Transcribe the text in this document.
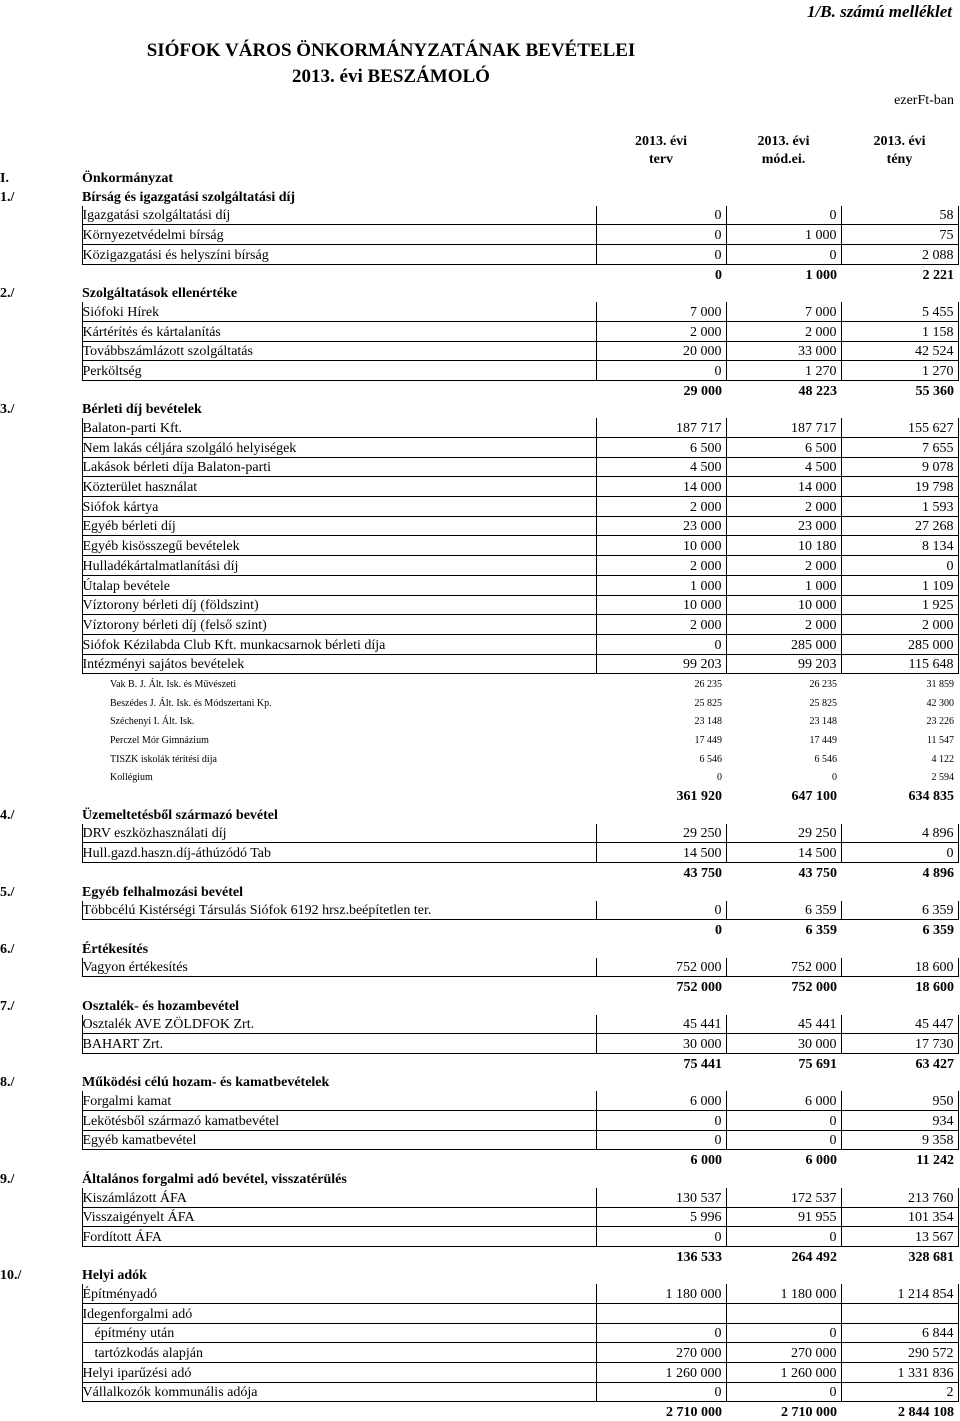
1/B. számú melléklet
SIÓFOK VÁROS ÖNKORMÁNYZATÁNAK BEVÉTELEI
2013. évi BESZÁMOLÓ
ezerFt-ban
		2013. évi	2013. évi	2013. évi
		terv	mód.ei.	tény
I.	Önkormányzat			
1./	Bírság és igazgatási szolgáltatási díj			
	Igazgatási szolgáltatási díj	0	0	58
	Környezetvédelmi bírság	0	1 000	75
	Közigazgatási és helyszíni bírság	0	0	2 088
		0	1 000	2 221
2./	Szolgáltatások ellenértéke			
	Siófoki Hírek	7 000	7 000	5 455
	Kártérítés és kártalanítás	2 000	2 000	1 158
	Továbbszámlázott szolgáltatás	20 000	33 000	42 524
	Perköltség	0	1 270	1 270
		29 000	48 223	55 360
3./	Bérleti díj bevételek			
	Balaton-parti Kft.	187 717	187 717	155 627
	Nem lakás céljára szolgáló helyiségek	6 500	6 500	7 655
	Lakások bérleti díja Balaton-parti	4 500	4 500	9 078
	Közterület használat	14 000	14 000	19 798
	Siófok kártya	2 000	2 000	1 593
	Egyéb bérleti díj	23 000	23 000	27 268
	Egyéb kisösszegű bevételek	10 000	10 180	8 134
	Hulladékártalmatlanítási díj	2 000	2 000	0
	Útalap bevétele	1 000	1 000	1 109
	Víztorony bérleti díj (földszint)	10 000	10 000	1 925
	Víztorony bérleti díj (felső szint)	2 000	2 000	2 000
	Siófok Kézilabda Club Kft. munkacsarnok bérleti díja	0	285 000	285 000
	Intézményi sajátos bevételek	99 203	99 203	115 648
	Vak B. J. Ált. Isk. és Művészeti	26 235	26 235	31 859
	Beszédes J. Ált. Isk. és Módszertani Kp.	25 825	25 825	42 300
	Széchenyi I. Ált. Isk.	23 148	23 148	23 226
	Perczel Mór Gimnázium	17 449	17 449	11 547
	TISZK iskolák térítési díja	6 546	6 546	4 122
	Kollégium	0	0	2 594
		361 920	647 100	634 835
4./	Üzemeltetésből származó bevétel			
	DRV eszközhasználati díj	29 250	29 250	4 896
	Hull.gazd.haszn.díj-áthúzódó Tab	14 500	14 500	0
		43 750	43 750	4 896
5./	Egyéb felhalmozási bevétel			
	Többcélú Kistérségi Társulás Siófok 6192 hrsz.beépítetlen ter.	0	6 359	6 359
		0	6 359	6 359
6./	Értékesítés			
	Vagyon értékesítés	752 000	752 000	18 600
		752 000	752 000	18 600
7./	Osztalék- és hozambevétel			
	Osztalék AVE ZÖLDFOK Zrt.	45 441	45 441	45 447
	BAHART Zrt.	30 000	30 000	17 730
		75 441	75 691	63 427
8./	Működési célú hozam- és kamatbevételek			
	Forgalmi kamat	6 000	6 000	950
	Lekötésből származó kamatbevétel	0	0	934
	Egyéb kamatbevétel	0	0	9 358
		6 000	6 000	11 242
9./	Általános forgalmi adó bevétel, visszatérülés			
	Kiszámlázott ÁFA	130 537	172 537	213 760
	Visszaigényelt ÁFA	5 996	91 955	101 354
	Fordított ÁFA	0	0	13 567
		136 533	264 492	328 681
10./	Helyi adók			
	Építményadó	1 180 000	1 180 000	1 214 854
	Idegenforgalmi adó			
	építmény után	0	0	6 844
	tartózkodás alapján	270 000	270 000	290 572
	Helyi iparűzési adó	1 260 000	1 260 000	1 331 836
	Vállalkozók kommunális adója	0	0	2
		2 710 000	2 710 000	2 844 108
